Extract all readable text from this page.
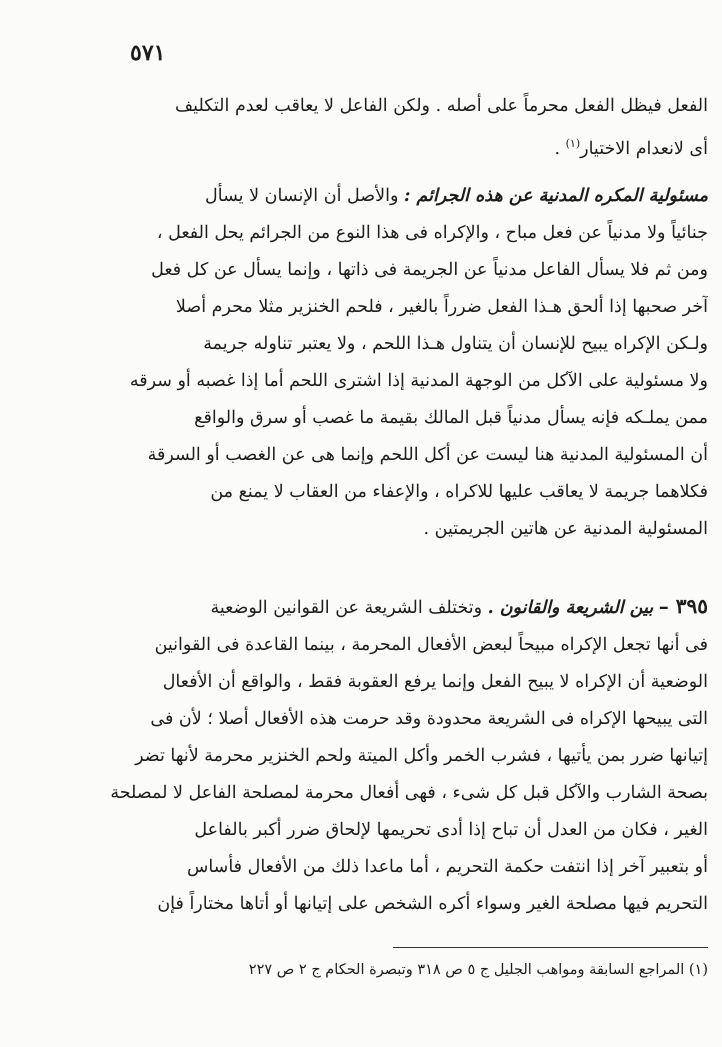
٥٧١
الفعل فيظل الفعل محرماً على أصله . ولكن الفاعل لا يعاقب لعدم التكليف
أى لانعدام الاختيار$^{(١)}$ .
مسئولية المكره المدنية عن هذه الجرائم : والأصل أن الإنسان لا يسأل
جنائياً ولا مدنياً عن فعل مباح ، والإكراه فى هذا النوع من الجرائم يحل الفعل ،
ومن ثم فلا يسأل الفاعل مدنياً عن الجريمة فى ذاتها ، وإنما يسأل عن كل فعل
آخر صحبها إذا ألحق هـذا الفعل ضرراً بالغير ، فلحم الخنزير مثلا محرم أصلا
ولـكن الإكراه يبيح للإنسان أن يتناول هـذا اللحم ، ولا يعتبر تناوله جريمة
ولا مسئولية على الآكل من الوجهة المدنية إذا اشترى اللحم أما إذا غصبه أو سرقه
ممن يملـكه فإنه يسأل مدنياً قبل المالك بقيمة ما غصب أو سرق والواقع
أن المسئولية المدنية هنا ليست عن أكل اللحم وإنما هى عن الغصب أو السرقة
فكلاهما جريمة لا يعاقب عليها للاكراه ، والإعفاء من العقاب لا يمنع من
المسئولية المدنية عن هاتين الجريمتين .
٣٩٥ – بين الشريعة والقانون . وتختلف الشريعة عن القوانين الوضعية
فى أنها تجعل الإكراه مبيحاً لبعض الأفعال المحرمة ، بينما القاعدة فى القوانين
الوضعية أن الإكراه لا يبيح الفعل وإنما يرفع العقوبة فقط ، والواقع أن الأفعال
التى يبيحها الإكراه فى الشريعة محدودة وقد حرمت هذه الأفعال أصلا ؛ لأن فى
إتيانها ضرر بمن يأتيها ، فشرب الخمر وأكل الميتة ولحم الخنزير محرمة لأنها تضر
بصحة الشارب والآكل قبل كل شىء ، فهى أفعال محرمة لمصلحة الفاعل لا لمصلحة
الغير ، فكان من العدل أن تباح إذا أدى تحريمها لإلحاق ضرر أكبر بالفاعل
أو بتعبير آخر إذا انتفت حكمة التحريم ، أما ماعدا ذلك من الأفعال فأساس
التحريم فيها مصلحة الغير وسواء أكره الشخص على إتيانها أو أتاها مختاراً فإن
(١) المراجع السابقة ومواهب الجليل ج ٥ ص ٣١٨ وتبصرة الحكام ج ٢ ص ٢٢٧
